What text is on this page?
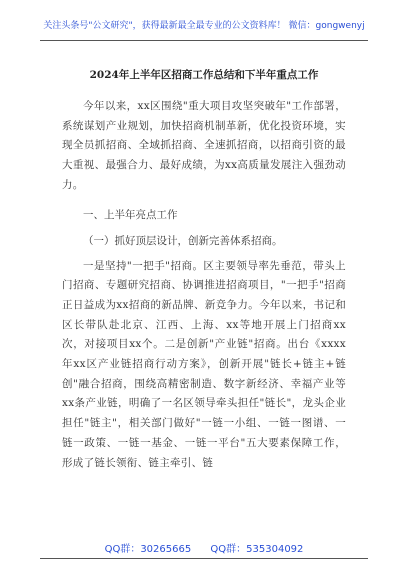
关注头条号"公文研究"，获得最新最全最专业的公文资料库！ 微信：gongwenyj
2024年上半年区招商工作总结和下半年重点工作

今年以来，xx区围绕"重大项目攻坚突破年"工作部署，系统谋划产业规划，加快招商机制革新，优化投资环境，实现全员抓招商、全域抓招商、全速抓招商，以招商引资的最大重视、最强合力、最好成绩，为xx高质量发展注入强劲动力。

一、上半年亮点工作

（一）抓好顶层设计，创新完善体系招商。

一是坚持"一把手"招商。区主要领导率先垂范，带头上门招商、专题研究招商、协调推进招商项目，"一把手"招商正日益成为xx招商的新品牌、新竞争力。今年以来，书记和区长带队赴北京、江西、上海、xx等地开展上门招商xx次，对接项目xx个。二是创新"产业链"招商。出台《xxxx年xx区产业链招商行动方案》，创新开展"链长+链主+链创"融合招商，围绕高精密制造、数字新经济、幸福产业等xx条产业链，明确了一名区领导牵头担任"链长"，龙头企业担任"链主"，相关部门做好"一链一小组、一链一图谱、一链一政策、一链一基金、一链一平台"五大要素保障工作，形成了链长领衔、链主牵引、链

QQ群：30265665 QQ群：535304092
